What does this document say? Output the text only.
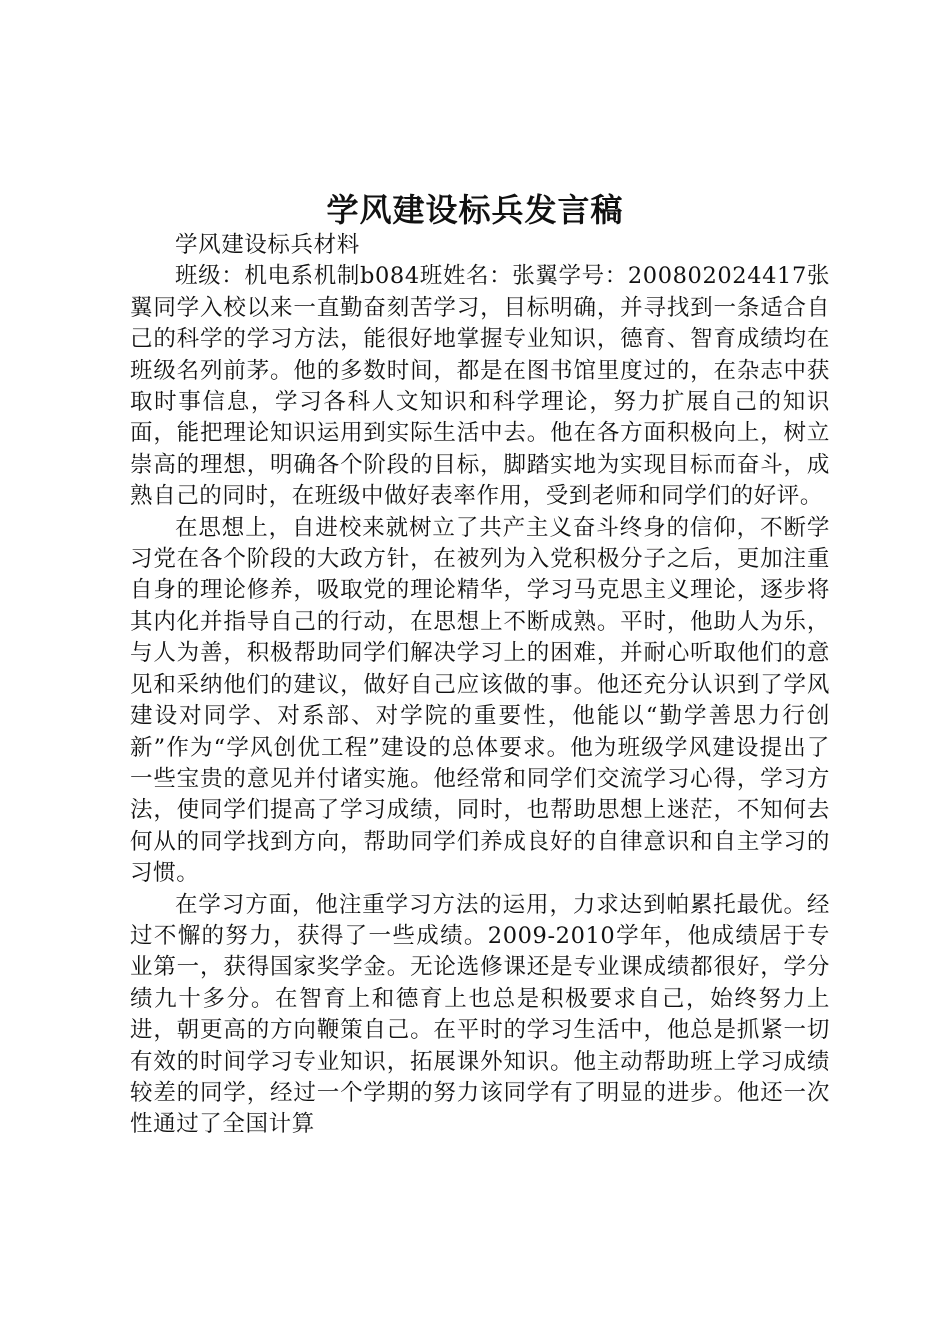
学风建设标兵发言稿

学风建设标兵材料

班级：机电系机制b084班姓名：张翼学号：200802024417张翼同学入校以来一直勤奋刻苦学习，目标明确，并寻找到一条适合自己的科学的学习方法，能很好地掌握专业知识，德育、智育成绩均在班级名列前茅。他的多数时间，都是在图书馆里度过的，在杂志中获取时事信息，学习各科人文知识和科学理论，努力扩展自己的知识面，能把理论知识运用到实际生活中去。他在各方面积极向上，树立崇高的理想，明确各个阶段的目标，脚踏实地为实现目标而奋斗，成熟自己的同时，在班级中做好表率作用，受到老师和同学们的好评。

在思想上，自进校来就树立了共产主义奋斗终身的信仰，不断学习党在各个阶段的大政方针，在被列为入党积极分子之后，更加注重自身的理论修养，吸取党的理论精华，学习马克思主义理论，逐步将其内化并指导自己的行动，在思想上不断成熟。平时，他助人为乐，与人为善，积极帮助同学们解决学习上的困难，并耐心听取他们的意见和采纳他们的建议，做好自己应该做的事。他还充分认识到了学风建设对同学、对系部、对学院的重要性，他能以“勤学善思力行创新”作为“学风创优工程”建设的总体要求。他为班级学风建设提出了一些宝贵的意见并付诸实施。他经常和同学们交流学习心得，学习方法，使同学们提高了学习成绩，同时，也帮助思想上迷茫，不知何去何从的同学找到方向，帮助同学们养成良好的自律意识和自主学习的习惯。

在学习方面，他注重学习方法的运用，力求达到帕累托最优。经过不懈的努力，获得了一些成绩。2009-2010学年，他成绩居于专业第一，获得国家奖学金。无论选修课还是专业课成绩都很好，学分绩九十多分。在智育上和德育上也总是积极要求自己，始终努力上进，朝更高的方向鞭策自己。在平时的学习生活中，他总是抓紧一切有效的时间学习专业知识，拓展课外知识。他主动帮助班上学习成绩较差的同学，经过一个学期的努力该同学有了明显的进步。他还一次性通过了全国计算
